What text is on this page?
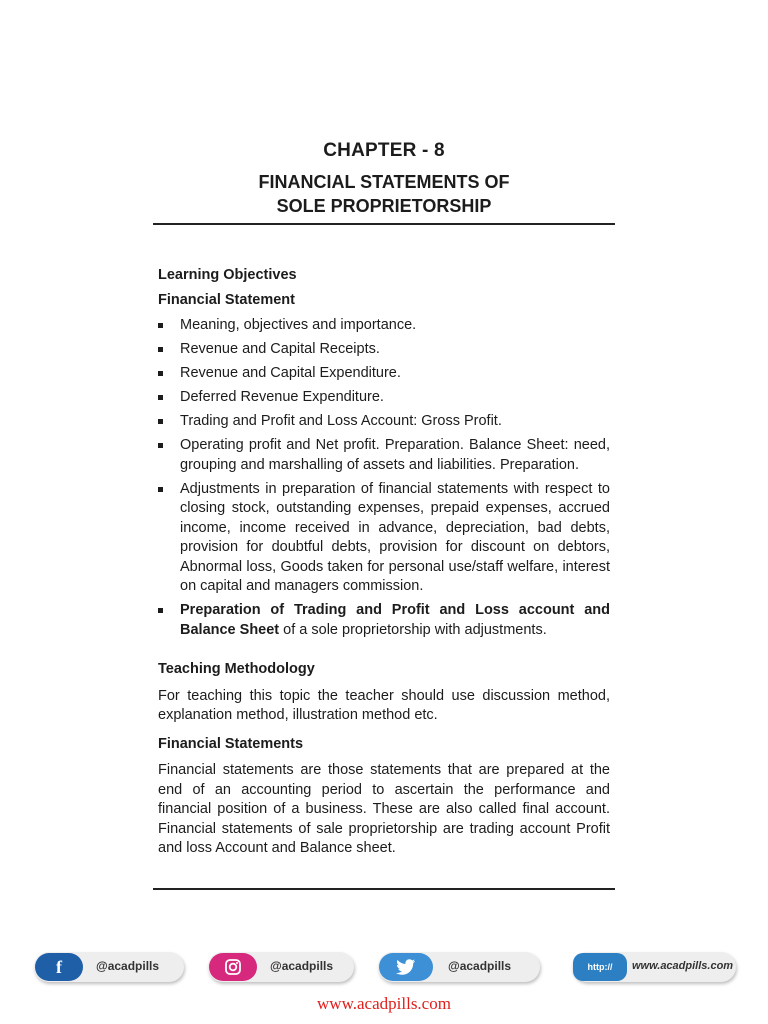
CHAPTER - 8
FINANCIAL STATEMENTS OF
SOLE PROPRIETORSHIP
Learning Objectives
Financial Statement
Meaning, objectives and importance.
Revenue and Capital Receipts.
Revenue and Capital Expenditure.
Deferred Revenue Expenditure.
Trading and Profit and Loss Account: Gross Profit.
Operating profit and Net profit. Preparation. Balance Sheet: need, grouping and marshalling of assets and liabilities. Preparation.
Adjustments in preparation of financial statements with respect to closing stock, outstanding expenses, prepaid expenses, accrued income, income received in advance, depreciation, bad debts, provision for doubtful debts, provision for discount on debtors, Abnormal loss, Goods taken for personal use/staff welfare, interest on capital and managers commission.
Preparation of Trading and Profit and Loss account and Balance Sheet of a sole proprietorship with adjustments.
Teaching Methodology

For teaching this topic the teacher should use discussion method, explanation method, illustration method etc.

Financial Statements

Financial statements are those statements that are prepared at the end of an accounting period to ascertain the performance and financial position of a business. These are also called final account. Financial statements of sale proprietorship are trading account Profit and loss Account and Balance sheet.

f	@acadpills	@acadpills	@acadpills	http:// www.acadpills.com
www.acadpills.com
